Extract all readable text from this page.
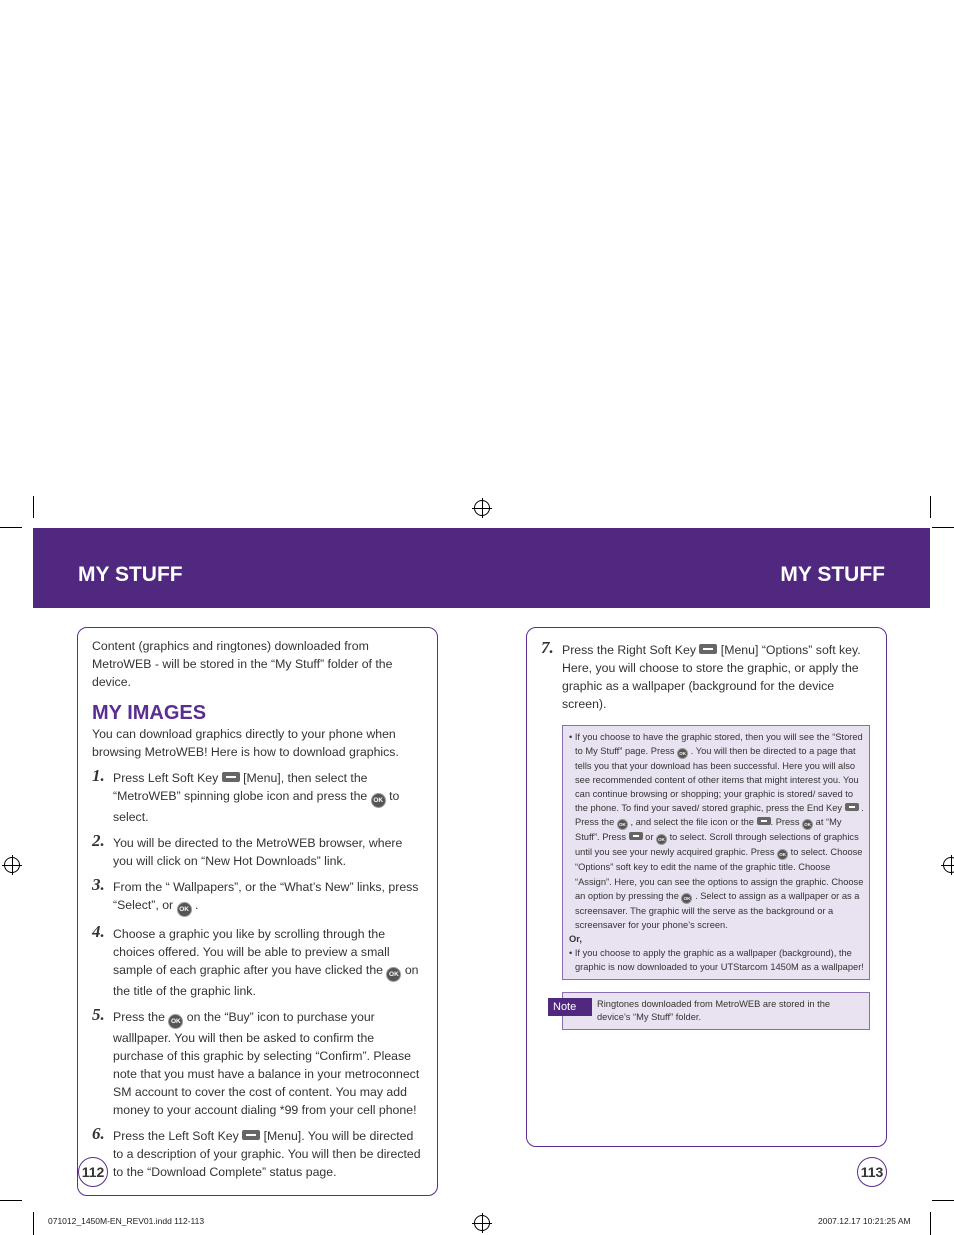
MY STUFF	MY STUFF
Content (graphics and ringtones) downloaded from MetroWEB - will be stored in the “My Stuff” folder of the device.
MY IMAGES
You can download graphics directly to your phone when browsing MetroWEB! Here is how to download graphics.
1. Press Left Soft Key  [Menu], then select the “MetroWEB” spinning globe icon and press the OK to select.
2. You will be directed to the MetroWEB browser, where you will click on “New Hot Downloads” link.
3. From the “ Wallpapers”, or the “What’s New” links, press “Select”, or OK .
4. Choose a graphic you like by scrolling through the choices offered. You will be able to preview a small sample of each graphic after you have clicked the OK on the title of the graphic link.
5. Press the OK on the “Buy” icon to purchase your walllpaper. You will then be asked to confirm the purchase of this graphic by selecting “Confirm”. Please note that you must have a balance in your metroconnect SM account to cover the cost of content. You may add money to your account dialing *99 from your cell phone!
6. Press the Left Soft Key  [Menu]. You will be directed to a description of your graphic. You will then be directed to the “Download Complete” status page.
7. Press the Right Soft Key  [Menu] “Options” soft key. Here, you will choose to store the graphic, or apply the graphic as a wallpaper (background for the device screen).
• If you choose to have the graphic stored, then you will see the “Stored to My Stuff” page. Press OK . You will then be directed to a page that tells you that your download has been successful. Here you will also see recommended content of other items that might interest you. You can continue browsing or shopping; your graphic is stored/ saved to the phone. To find your saved/ stored graphic, press the End Key  . Press the OK , and select the file icon or the . Press OK at “My Stuff”. Press  or OK to select. Scroll through selections of graphics until you see your newly acquired graphic. Press OK to select. Choose “Options” soft key to edit the name of the graphic title. Choose “Assign”. Here, you can see the options to assign the graphic. Choose an option by pressing the OK . Select to assign as a wallpaper or as a screensaver. The graphic will the serve as the background or a screensaver for your phone’s screen.
Or,
• If you choose to apply the graphic as a wallpaper (background), the graphic is now downloaded to your UTStarcom 1450M as a wallpaper!
Ringtones downloaded from MetroWEB are stored in the device’s “My Stuff” folder.
Note
112	113
071012_1450M-EN_REV01.indd 112-113	2007.12.17 10:21:25 AM
